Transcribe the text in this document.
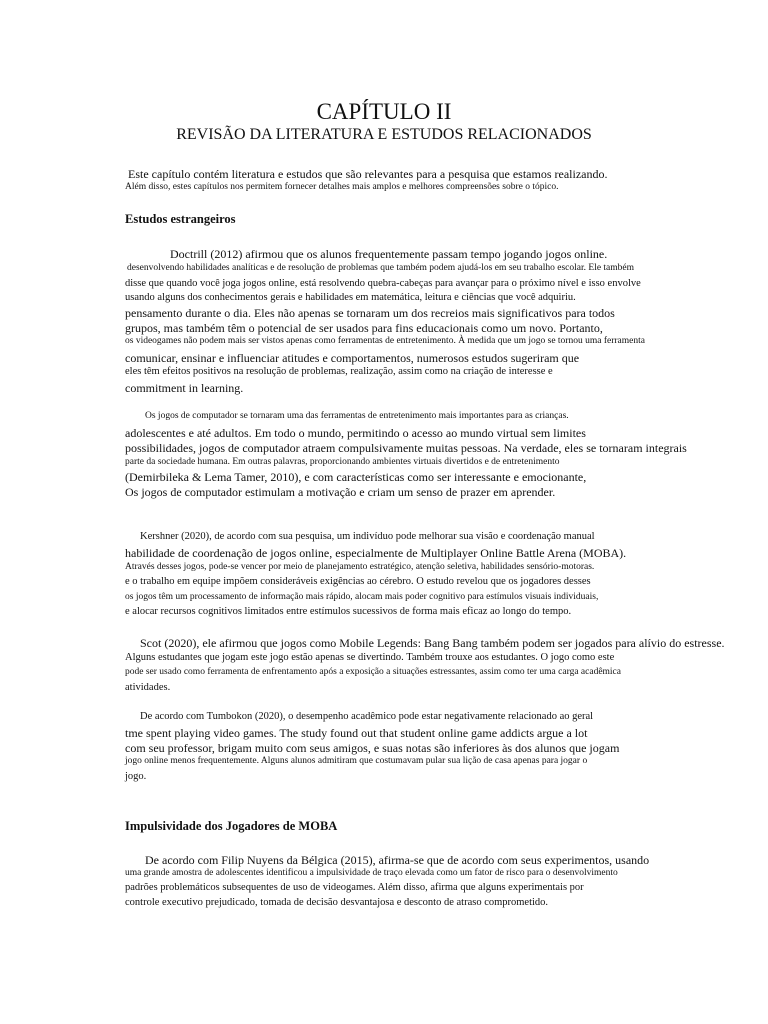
CAPÍTULO II
REVISÃO DA LITERATURA E ESTUDOS RELACIONADOS
Este capítulo contém literatura e estudos que são relevantes para a pesquisa que estamos realizando.
Além disso, estes capítulos nos permitem fornecer detalhes mais amplos e melhores compreensões sobre o tópico.
Estudos estrangeiros
Doctrill (2012) afirmou que os alunos frequentemente passam tempo jogando jogos online.
desenvolvendo habilidades analíticas e de resolução de problemas que também podem ajudá-los em seu trabalho escolar. Ele também
disse que quando você joga jogos online, está resolvendo quebra-cabeças para avançar para o próximo nível e isso envolve
usando alguns dos conhecimentos gerais e habilidades em matemática, leitura e ciências que você adquiriu.
pensamento durante o dia. Eles não apenas se tornaram um dos recreios mais significativos para todos
grupos, mas também têm o potencial de ser usados para fins educacionais como um novo. Portanto,
os videogames não podem mais ser vistos apenas como ferramentas de entretenimento. À medida que um jogo se tornou uma ferramenta
comunicar, ensinar e influenciar atitudes e comportamentos, numerosos estudos sugeriram que
eles têm efeitos positivos na resolução de problemas, realização, assim como na criação de interesse e
commitment in learning.
Os jogos de computador se tornaram uma das ferramentas de entretenimento mais importantes para as crianças.
adolescentes e até adultos. Em todo o mundo, permitindo o acesso ao mundo virtual sem limites
possibilidades, jogos de computador atraem compulsivamente muitas pessoas. Na verdade, eles se tornaram integrais
parte da sociedade humana. Em outras palavras, proporcionando ambientes virtuais divertidos e de entretenimento
(Demirbileka & Lema Tamer, 2010), e com características como ser interessante e emocionante,
Os jogos de computador estimulam a motivação e criam um senso de prazer em aprender.
Kershner (2020), de acordo com sua pesquisa, um indivíduo pode melhorar sua visão e coordenação manual
habilidade de coordenação de jogos online, especialmente de Multiplayer Online Battle Arena (MOBA).
Através desses jogos, pode-se vencer por meio de planejamento estratégico, atenção seletiva, habilidades sensório-motoras.
e o trabalho em equipe impõem consideráveis exigências ao cérebro. O estudo revelou que os jogadores desses
os jogos têm um processamento de informação mais rápido, alocam mais poder cognitivo para estímulos visuais individuais,
e alocar recursos cognitivos limitados entre estímulos sucessivos de forma mais eficaz ao longo do tempo.
Scot (2020), ele afirmou que jogos como Mobile Legends: Bang Bang também podem ser jogados para alívio do estresse.
Alguns estudantes que jogam este jogo estão apenas se divertindo. Também trouxe aos estudantes. O jogo como este
pode ser usado como ferramenta de enfrentamento após a exposição a situações estressantes, assim como ter uma carga acadêmica
atividades.
De acordo com Tumbokon (2020), o desempenho acadêmico pode estar negativamente relacionado ao geral
tme spent playing video games. The study found out that student online game addicts argue a lot
com seu professor, brigam muito com seus amigos, e suas notas são inferiores às dos alunos que jogam
jogo online menos frequentemente. Alguns alunos admitiram que costumavam pular sua lição de casa apenas para jogar o
jogo.
Impulsividade dos Jogadores de MOBA
De acordo com Filip Nuyens da Bélgica (2015), afirma-se que de acordo com seus experimentos, usando
uma grande amostra de adolescentes identificou a impulsividade de traço elevada como um fator de risco para o desenvolvimento
padrões problemáticos subsequentes de uso de videogames. Além disso, afirma que alguns experimentais por
controle executivo prejudicado, tomada de decisão desvantajosa e desconto de atraso comprometido.
